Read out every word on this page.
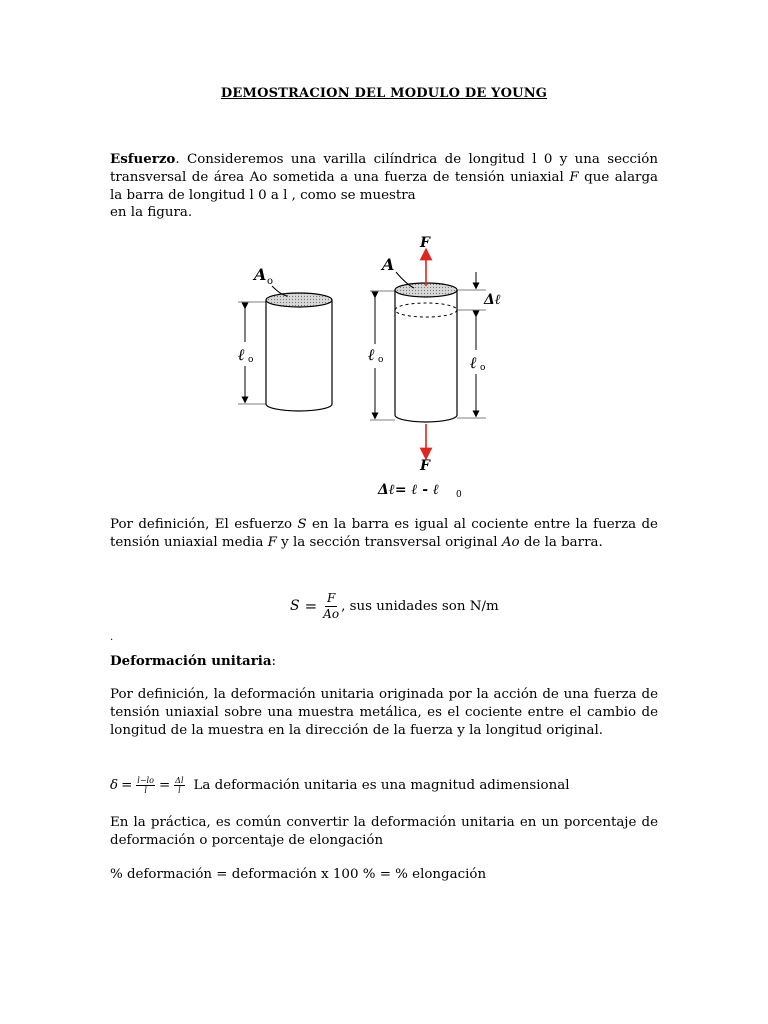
DEMOSTRACION DEL MODULO DE YOUNG
Esfuerzo. Consideremos una varilla cilíndrica de longitud l 0 y una sección transversal de área Ao sometida a una fuerza de tensión uniaxial F que alarga la barra de longitud l 0 a l , como se muestra
en la figura.
A o
ℓ o
A
F
F
ℓ o
Δℓ
ℓ o
Δℓ= ℓ - ℓ 0
Por definición, El esfuerzo S en la barra es igual al cociente entre la fuerza de tensión uniaxial media F y la sección transversal original Ao de la barra.
$S = \frac{F}{Ao}$ , sus unidades son N/m
.
Deformación unitaria:
Por definición, la deformación unitaria originada por la acción de una fuerza de tensión uniaxial sobre una muestra metálica, es el cociente entre el cambio de longitud de la muestra en la dirección de la fuerza y la longitud original.
$\delta = \frac{l-lo}{l} = \frac{\Delta l}{l}$ La deformación unitaria es una magnitud adimensional
En la práctica, es común convertir la deformación unitaria en un porcentaje de deformación o porcentaje de elongación
% deformación = deformación x 100 % = % elongación
